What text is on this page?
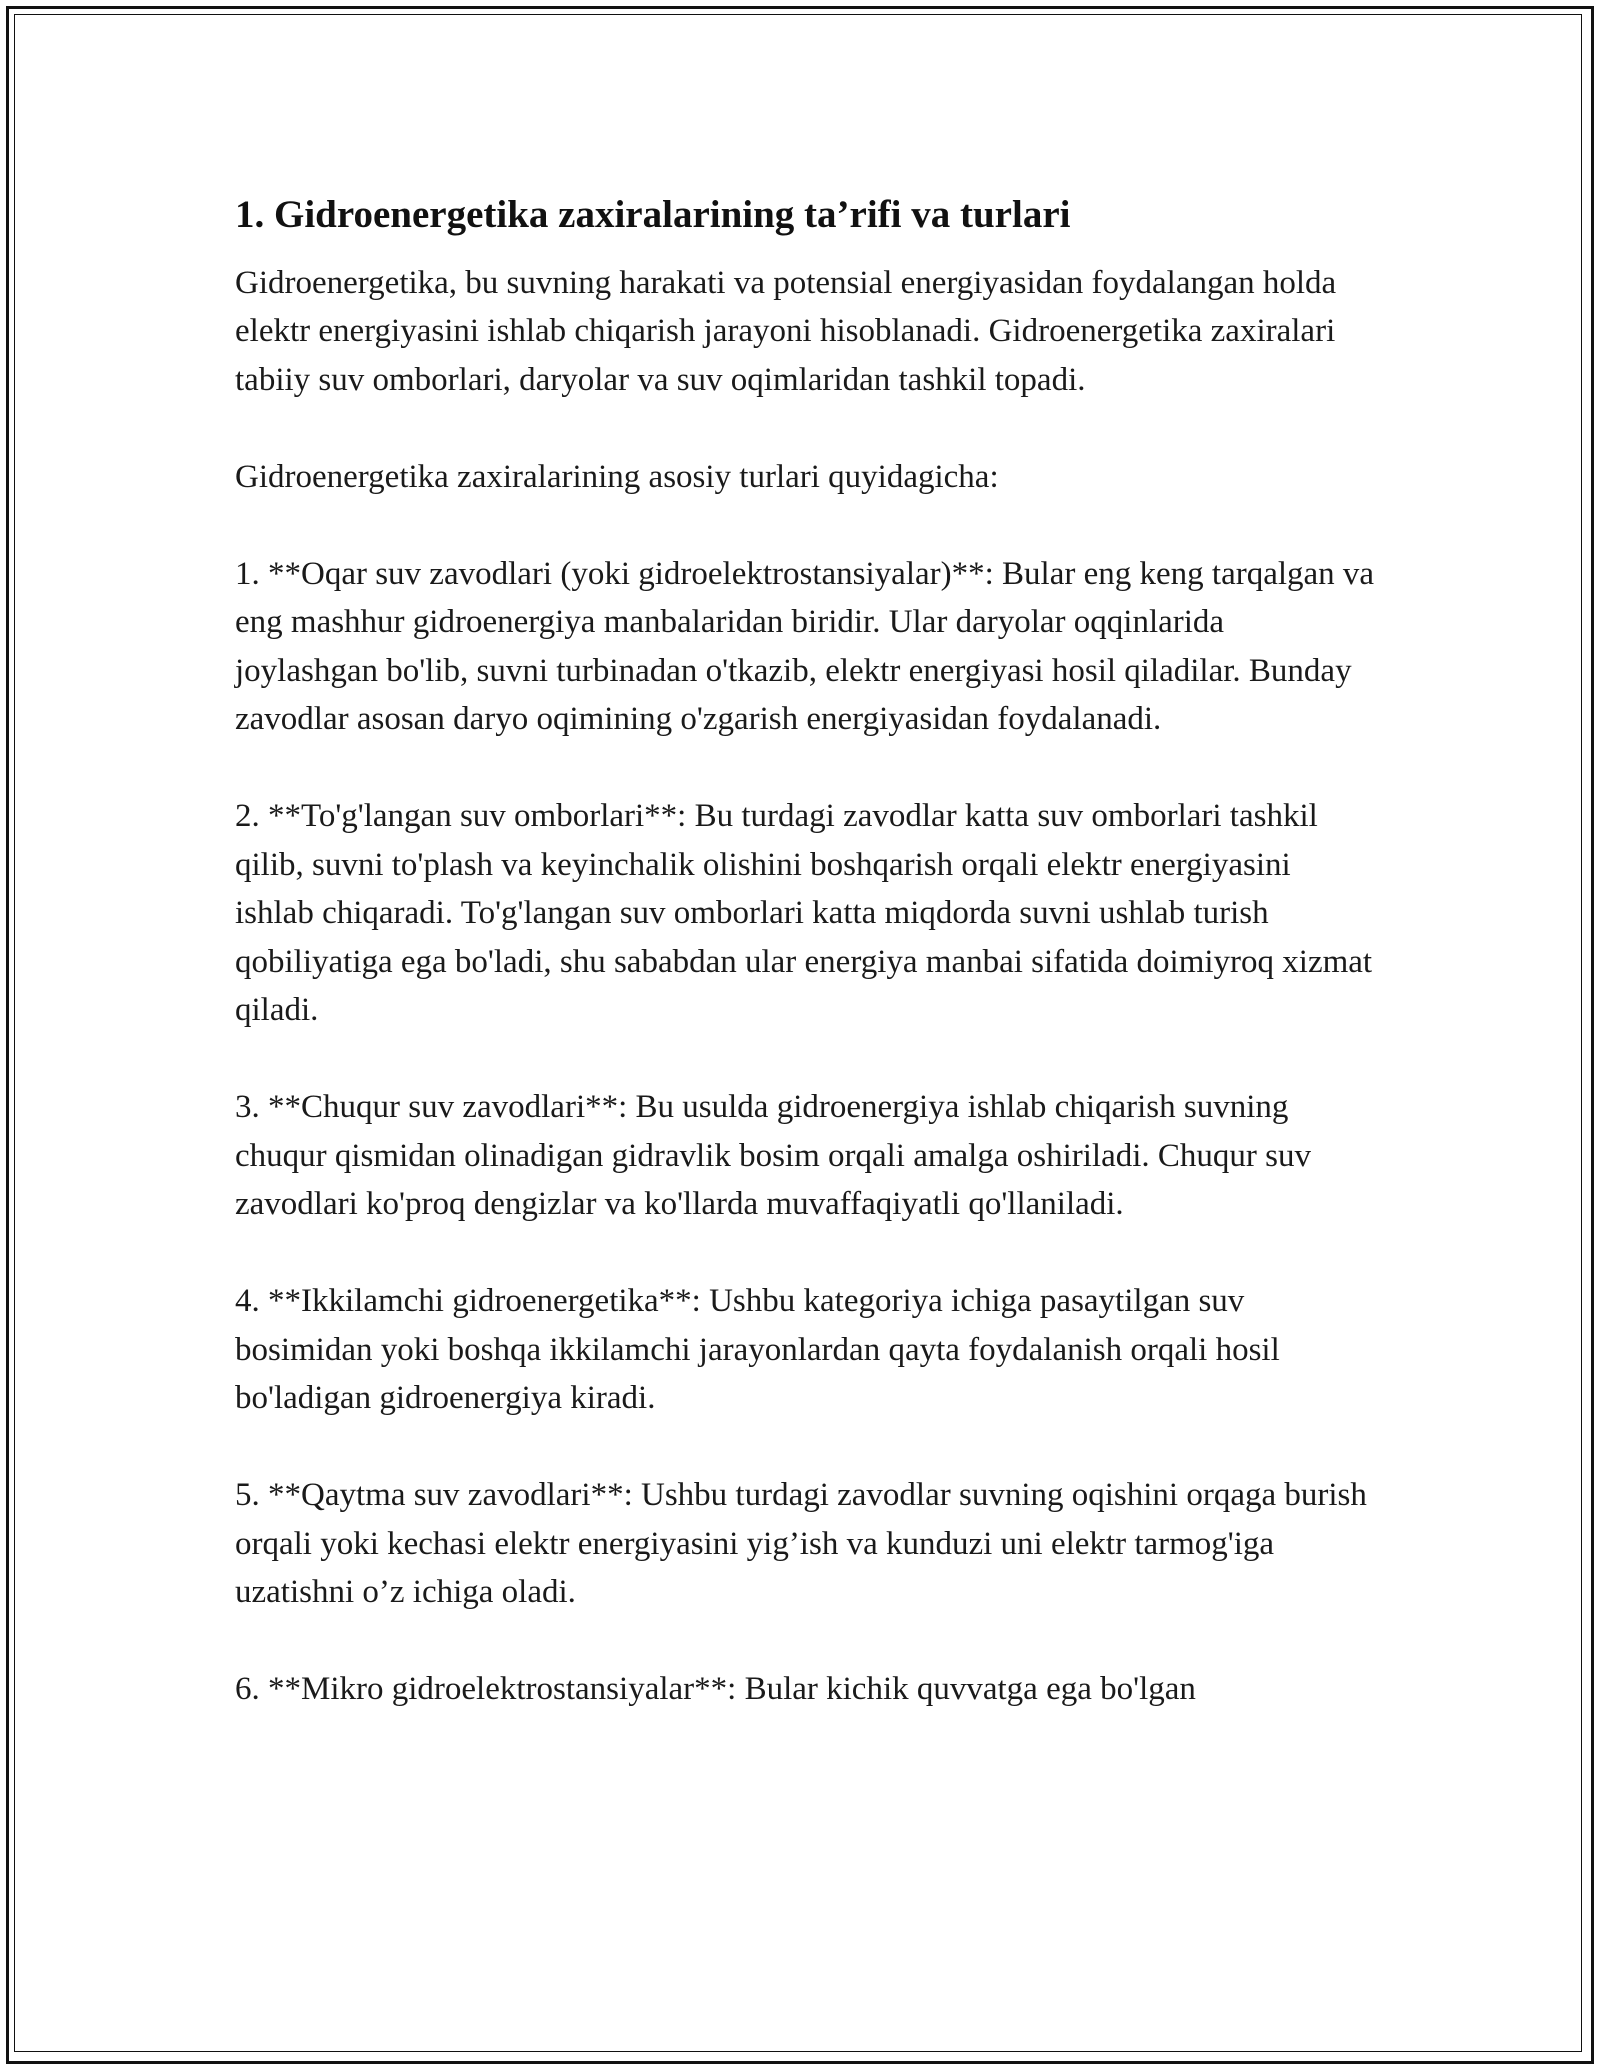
1. Gidroenergetika zaxiralarining ta’rifi va turlari

Gidroenergetika, bu suvning harakati va potensial energiyasidan foydalangan holda elektr energiyasini ishlab chiqarish jarayoni hisoblanadi. Gidroenergetika zaxiralari tabiiy suv omborlari, daryolar va suv oqimlaridan tashkil topadi.

Gidroenergetika zaxiralarining asosiy turlari quyidagicha:

1. **Oqar suv zavodlari (yoki gidroelektrostansiyalar)**: Bular eng keng tarqalgan va eng mashhur gidroenergiya manbalaridan biridir. Ular daryolar oqqinlarida joylashgan bo'lib, suvni turbinadan o'tkazib, elektr energiyasi hosil qiladilar. Bunday zavodlar asosan daryo oqimining o'zgarish energiyasidan foydalanadi.

2. **To'g'langan suv omborlari**: Bu turdagi zavodlar katta suv omborlari tashkil qilib, suvni to'plash va keyinchalik olishini boshqarish orqali elektr energiyasini ishlab chiqaradi. To'g'langan suv omborlari katta miqdorda suvni ushlab turish qobiliyatiga ega bo'ladi, shu sababdan ular energiya manbai sifatida doimiyroq xizmat qiladi.

3. **Chuqur suv zavodlari**: Bu usulda gidroenergiya ishlab chiqarish suvning chuqur qismidan olinadigan gidravlik bosim orqali amalga oshiriladi. Chuqur suv zavodlari ko'proq dengizlar va ko'llarda muvaffaqiyatli qo'llaniladi.

4. **Ikkilamchi gidroenergetika**: Ushbu kategoriya ichiga pasaytilgan suv bosimidan yoki boshqa ikkilamchi jarayonlardan qayta foydalanish orqali hosil bo'ladigan gidroenergiya kiradi.

5. **Qaytma suv zavodlari**: Ushbu turdagi zavodlar suvning oqishini orqaga burish orqali yoki kechasi elektr energiyasini yig’ish va kunduzi uni elektr tarmog'iga uzatishni o’z ichiga oladi.

6. **Mikro gidroelektrostansiyalar**: Bular kichik quvvatga ega bo'lgan
